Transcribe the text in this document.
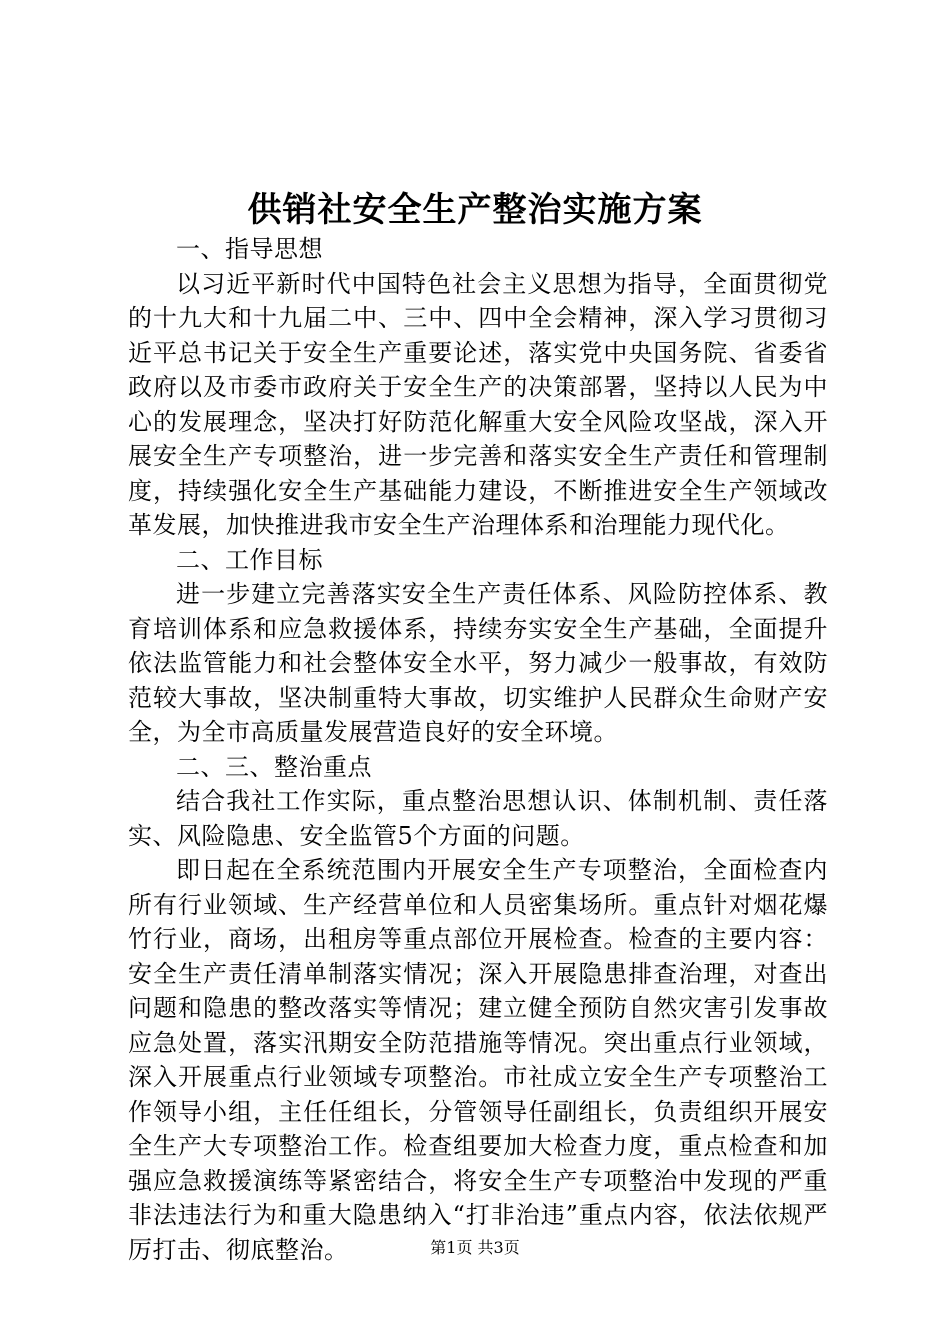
供销社安全生产整治实施方案

一、指导思想

以习近平新时代中国特色社会主义思想为指导，全面贯彻党的十九大和十九届二中、三中、四中全会精神，深入学习贯彻习近平总书记关于安全生产重要论述，落实党中央国务院、省委省政府以及市委市政府关于安全生产的决策部署，坚持以人民为中心的发展理念，坚决打好防范化解重大安全风险攻坚战，深入开展安全生产专项整治，进一步完善和落实安全生产责任和管理制度，持续强化安全生产基础能力建设，不断推进安全生产领域改革发展，加快推进我市安全生产治理体系和治理能力现代化。

二、工作目标

进一步建立完善落实安全生产责任体系、风险防控体系、教育培训体系和应急救援体系，持续夯实安全生产基础，全面提升依法监管能力和社会整体安全水平，努力减少一般事故，有效防范较大事故，坚决制重特大事故，切实维护人民群众生命财产安全，为全市高质量发展营造良好的安全环境。

二、三、整治重点

结合我社工作实际，重点整治思想认识、体制机制、责任落实、风险隐患、安全监管5个方面的问题。

即日起在全系统范围内开展安全生产专项整治，全面检查内所有行业领域、生产经营单位和人员密集场所。重点针对烟花爆竹行业，商场，出租房等重点部位开展检查。检查的主要内容：安全生产责任清单制落实情况；深入开展隐患排查治理，对查出问题和隐患的整改落实等情况；建立健全预防自然灾害引发事故应急处置，落实汛期安全防范措施等情况。突出重点行业领域，深入开展重点行业领域专项整治。市社成立安全生产专项整治工作领导小组，主任任组长，分管领导任副组长，负责组织开展安全生产大专项整治工作。检查组要加大检查力度，重点检查和加强应急救援演练等紧密结合，将安全生产专项整治中发现的严重非法违法行为和重大隐患纳入“打非治违”重点内容，依法依规严厉打击、彻底整治。	第1页 共3页
